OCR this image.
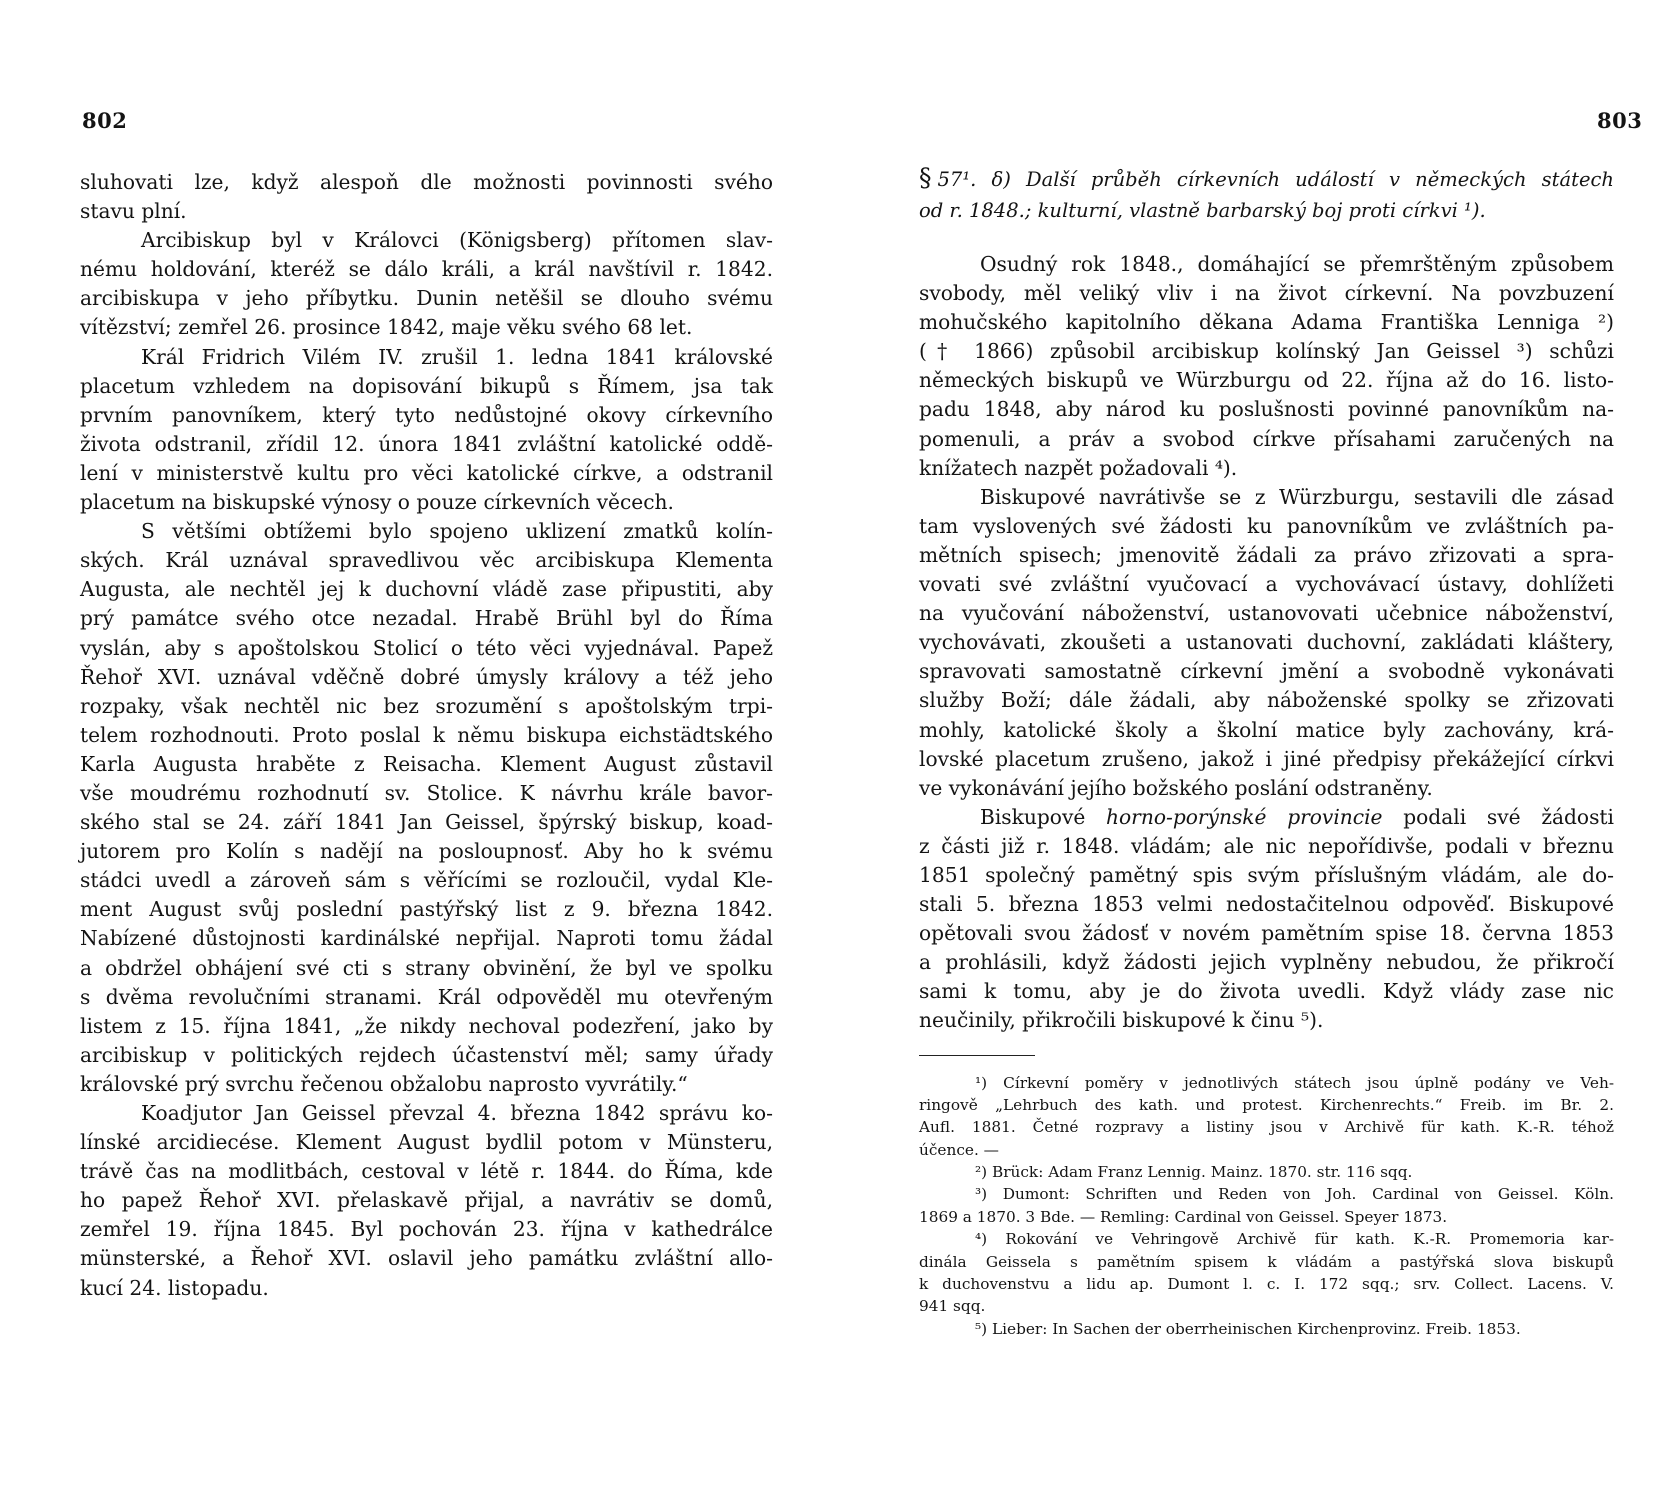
802
sluhovati lze, když alespoň dle možnosti povinnosti svého
stavu plní.
Arcibiskup byl v Královci (Königsberg) přítomen slav-
nému holdování, kteréž se dálo králi, a král navštívil r. 1842.
arcibiskupa v jeho příbytku. Dunin netěšil se dlouho svému
vítězství; zemřel 26. prosince 1842, maje věku svého 68 let.
Král Fridrich Vilém IV. zrušil 1. ledna 1841 královské
placetum vzhledem na dopisování bikupů s Římem, jsa tak
prvním panovníkem, který tyto nedůstojné okovy církevního
života odstranil, zřídil 12. února 1841 zvláštní katolické oddě-
lení v ministerstvě kultu pro věci katolické církve, a odstranil
placetum na biskupské výnosy o pouze církevních věcech.
S většími obtížemi bylo spojeno uklizení zmatků kolín-
ských. Král uznával spravedlivou věc arcibiskupa Klementa
Augusta, ale nechtěl jej k duchovní vládě zase připustiti, aby
prý památce svého otce nezadal. Hrabě Brühl byl do Říma
vyslán, aby s apoštolskou Stolicí o této věci vyjednával. Papež
Řehoř XVI. uznával vděčně dobré úmysly královy a též jeho
rozpaky, však nechtěl nic bez srozumění s apoštolským trpi-
telem rozhodnouti. Proto poslal k němu biskupa eichstädtského
Karla Augusta hraběte z Reisacha. Klement August zůstavil
vše moudrému rozhodnutí sv. Stolice. K návrhu krále bavor-
ského stal se 24. září 1841 Jan Geissel, špýrský biskup, koad-
jutorem pro Kolín s nadějí na posloupnosť. Aby ho k svému
stádci uvedl a zároveň sám s věřícími se rozloučil, vydal Kle-
ment August svůj poslední pastýřský list z 9. března 1842.
Nabízené důstojnosti kardinálské nepřijal. Naproti tomu žádal
a obdržel obhájení své cti s strany obvinění, že byl ve spolku
s dvěma revolučními stranami. Král odpověděl mu otevřeným
listem z 15. října 1841, „že nikdy nechoval podezření, jako by
arcibiskup v politických rejdech účastenství měl; samy úřady
královské prý svrchu řečenou obžalobu naprosto vyvrátily.“
Koadjutor Jan Geissel převzal 4. března 1842 správu ko-
línské arcidiecése. Klement August bydlil potom v Münsteru,
trávě čas na modlitbách, cestoval v létě r. 1844. do Říma, kde
ho papež Řehoř XVI. přelaskavě přijal, a navrátiv se domů,
zemřel 19. října 1845. Byl pochován 23. října v kathedrálce
münsterské, a Řehoř XVI. oslavil jeho památku zvláštní allo-
kucí 24. listopadu.
803
§ 57¹. δ) Další průběh církevních událostí v německých státech
od r. 1848.; kulturní, vlastně barbarský boj proti církvi ¹).
Osudný rok 1848., domáhající se přemrštěným způsobem
svobody, měl veliký vliv i na život církevní. Na povzbuzení
mohučského kapitolního děkana Adama Františka Lenniga ²)
(† 1866) způsobil arcibiskup kolínský Jan Geissel ³) schůzi
německých biskupů ve Würzburgu od 22. října až do 16. listo-
padu 1848, aby národ ku poslušnosti povinné panovníkům na-
pomenuli, a práv a svobod církve přísahami zaručených na
knížatech nazpět požadovali ⁴).
Biskupové navrátivše se z Würzburgu, sestavili dle zásad
tam vyslovených své žádosti ku panovníkům ve zvláštních pa-
mětních spisech; jmenovitě žádali za právo zřizovati a spra-
vovati své zvláštní vyučovací a vychovávací ústavy, dohlížeti
na vyučování náboženství, ustanovovati učebnice náboženství,
vychovávati, zkoušeti a ustanovati duchovní, zakládati kláštery,
spravovati samostatně církevní jmění a svobodně vykonávati
služby Boží; dále žádali, aby náboženské spolky se zřizovati
mohly, katolické školy a školní matice byly zachovány, krá-
lovské placetum zrušeno, jakož i jiné předpisy překážející církvi
ve vykonávání jejího božského poslání odstraněny.
Biskupové horno-porýnské provincie podali své žádosti
z části již r. 1848. vládám; ale nic nepořídivše, podali v březnu
1851 společný pamětný spis svým příslušným vládám, ale do-
stali 5. března 1853 velmi nedostačitelnou odpověď. Biskupové
opětovali svou žádosť v novém pamětním spise 18. června 1853
a prohlásili, když žádosti jejich vyplněny nebudou, že přikročí
sami k tomu, aby je do života uvedli. Když vlády zase nic
neučinily, přikročili biskupové k činu ⁵).
¹) Církevní poměry v jednotlivých státech jsou úplně podány ve Veh-
ringově „Lehrbuch des kath. und protest. Kirchenrechts.“ Freib. im Br. 2.
Aufl. 1881. Četné rozpravy a listiny jsou v Archivě für kath. K.-R. téhož
účence. —
²) Brück: Adam Franz Lennig. Mainz. 1870. str. 116 sqq.
³) Dumont: Schriften und Reden von Joh. Cardinal von Geissel. Köln.
1869 a 1870. 3 Bde. — Remling: Cardinal von Geissel. Speyer 1873.
⁴) Rokování ve Vehringově Archivě für kath. K.-R. Promemoria kar-
dinála Geissela s pamětním spisem k vládám a pastýřská slova biskupů
k duchovenstvu a lidu ap. Dumont l. c. I. 172 sqq.; srv. Collect. Lacens. V.
941 sqq.
⁵) Lieber: In Sachen der oberrheinischen Kirchenprovinz. Freib. 1853.
